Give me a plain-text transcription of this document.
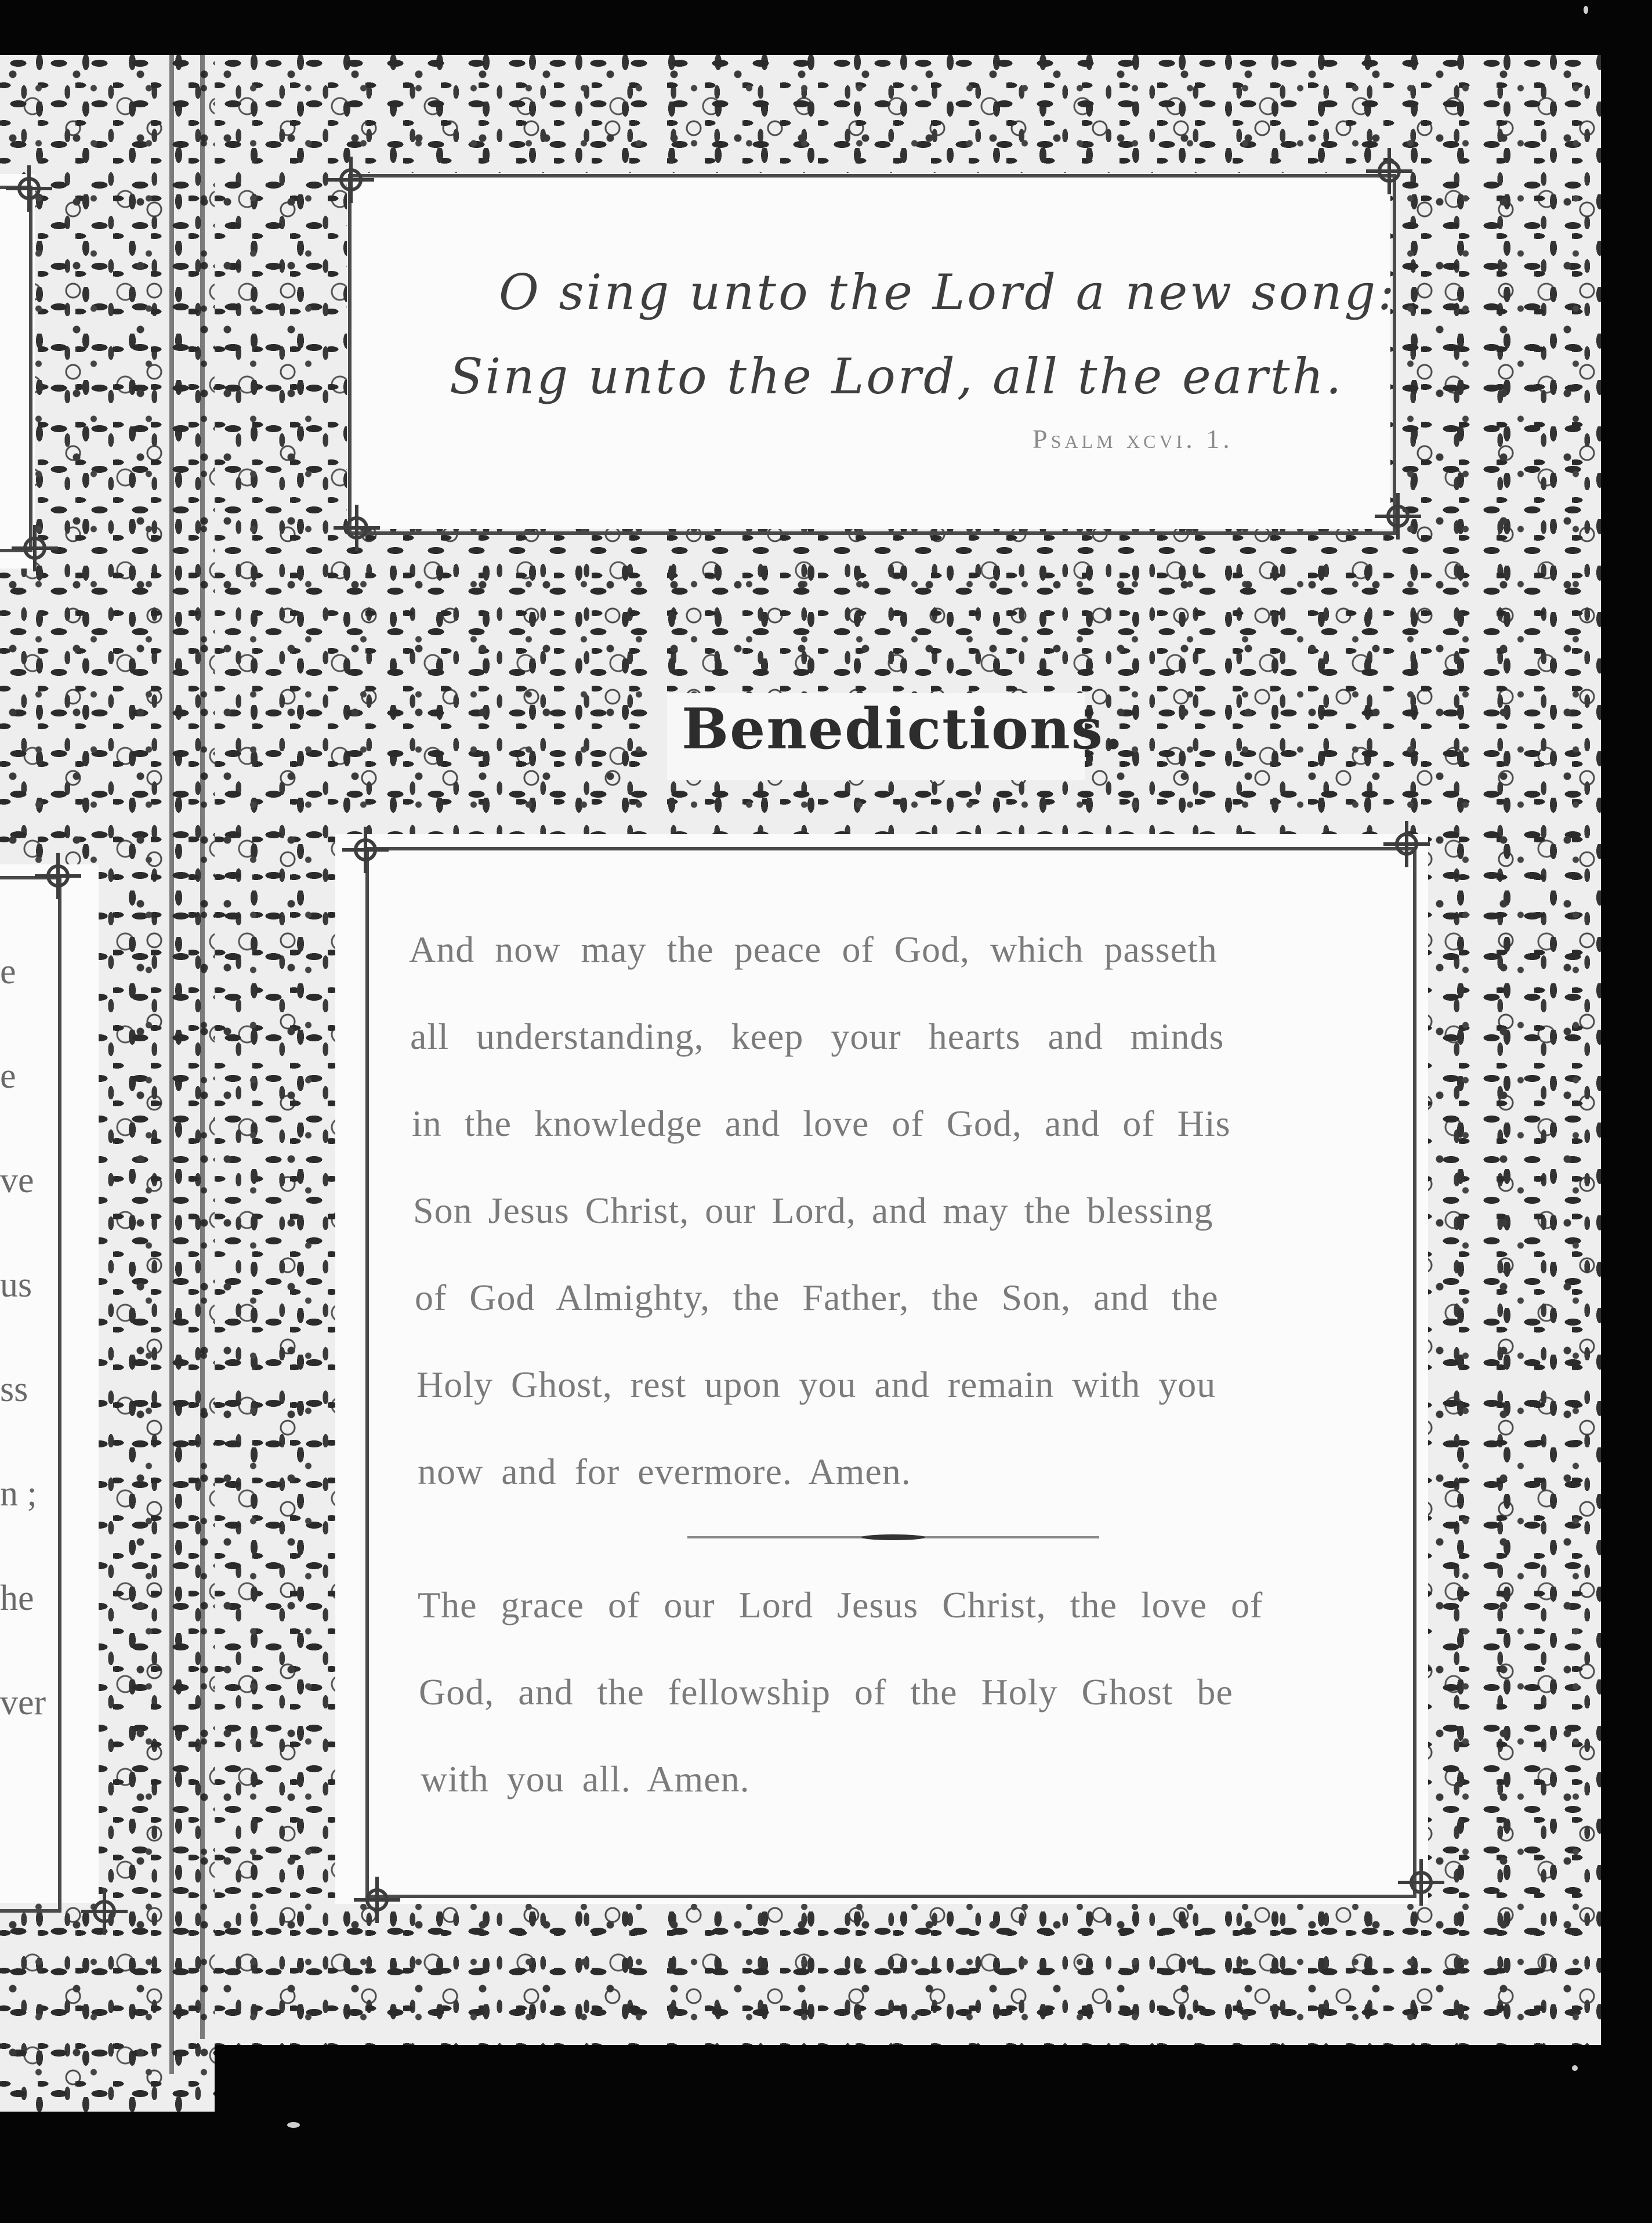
e
e
ve
us
ss
n ;
he
ver
O sing unto the Lord a new song:
Sing unto the Lord, all the earth.
Psalm xcvi. 1.
Benedictions.
And now may the peace of God, which passeth
all understanding, keep your hearts and minds
in the knowledge and love of God, and of His
Son Jesus Christ, our Lord, and may the blessing
of God Almighty, the Father, the Son, and the
Holy Ghost, rest upon you and remain with you
now and for evermore. Amen.
The grace of our Lord Jesus Christ, the love of
God, and the fellowship of the Holy Ghost be
with you all. Amen.
